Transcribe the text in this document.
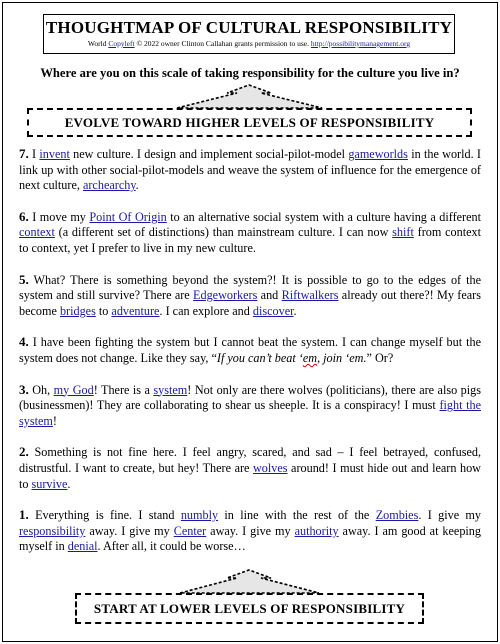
THOUGHTMAP OF CULTURAL RESPONSIBILITY
World Copyleft © 2022 owner Clinton Callahan grants permission to use. http://possibilitymanagement.org
Where are you on this scale of taking responsibility for the culture you live in?
EVOLVE TOWARD HIGHER LEVELS OF RESPONSIBILITY

7. I invent new culture. I design and implement social-pilot-model gameworlds in the world. I link up with other social-pilot-models and weave the system of influence for the emergence of next culture, archearchy.

6. I move my Point Of Origin to an alternative social system with a culture having a different context (a different set of distinctions) than mainstream culture. I can now shift from context to context, yet I prefer to live in my new culture.

5. What? There is something beyond the system?! It is possible to go to the edges of the system and still survive? There are Edgeworkers and Riftwalkers already out there?! My fears become bridges to adventure. I can explore and discover.

4. I have been fighting the system but I cannot beat the system. I can change myself but the system does not change. Like they say, “If you can’t beat ‘em, join ‘em.” Or?

3. Oh, my God! There is a system! Not only are there wolves (politicians), there are also pigs (businessmen)! They are collaborating to shear us sheeple. It is a conspiracy! I must fight the system!

2. Something is not fine here. I feel angry, scared, and sad – I feel betrayed, confused, distrustful. I want to create, but hey! There are wolves around! I must hide out and learn how to survive.

1. Everything is fine. I stand numbly in line with the rest of the Zombies. I give my responsibility away. I give my Center away. I give my authority away. I am good at keeping myself in denial. After all, it could be worse…

START AT LOWER LEVELS OF RESPONSIBILITY
